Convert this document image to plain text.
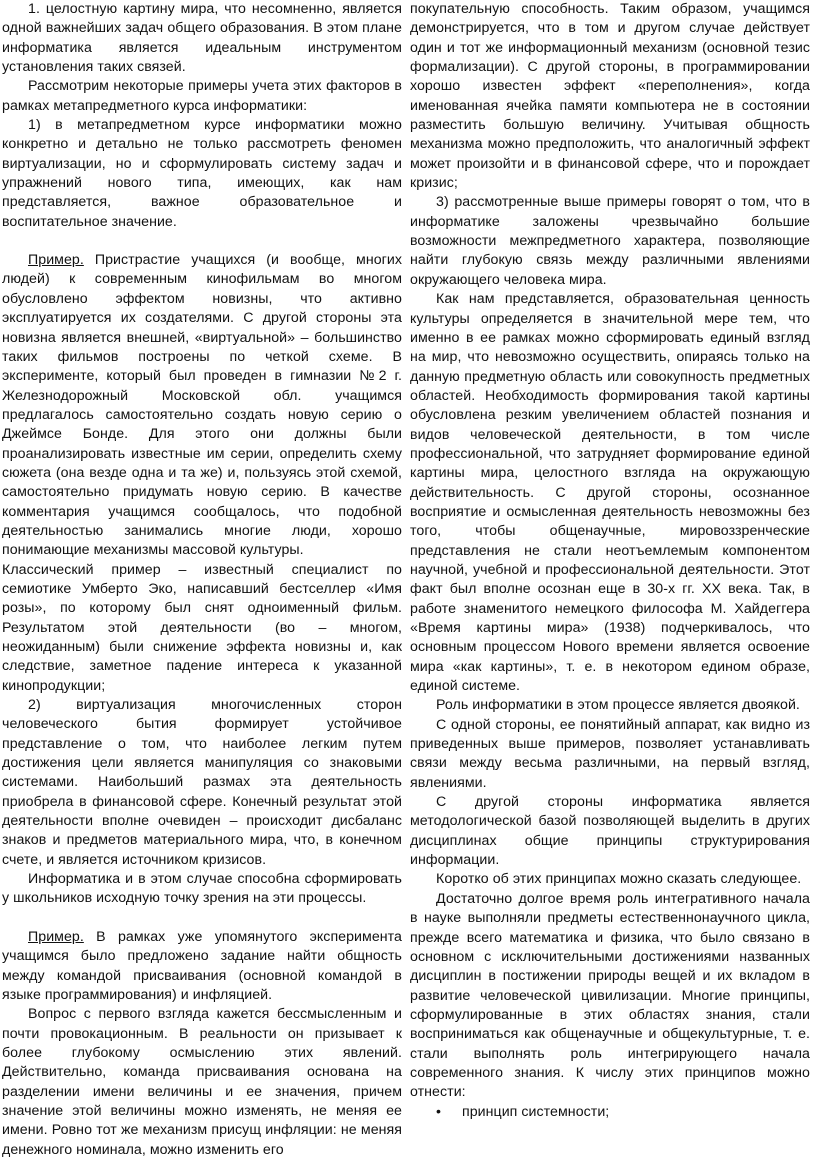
1. целостную картину мира, что несомненно, является одной важнейших задач общего образования. В этом плане информатика является идеальным инструментом установления таких связей.

Рассмотрим некоторые примеры учета этих факторов в рамках метапредметного курса информатики:

1) в метапредметном курсе информатики можно конкретно и детально не только рассмотреть феномен виртуализации, но и сформулировать систему задач и упражнений нового типа, имеющих, как нам представляется, важное образовательное и воспитательное значение.

Пример. Пристрастие учащихся (и вообще, многих людей) к современным кинофильмам во многом обусловлено эффектом новизны, что активно эксплуатируется их создателями. С другой стороны эта новизна является внешней, «виртуальной» – большинство таких фильмов построены по четкой схеме. В эксперименте, который был проведен в гимназии №2 г. Железнодорожный Московской обл. учащимся предлагалось самостоятельно создать новую серию о Джеймсе Бонде. Для этого они должны были проанализировать известные им серии, определить схему сюжета (она везде одна и та же) и, пользуясь этой схемой, самостоятельно придумать новую серию. В качестве комментария учащимся сообщалось, что подобной деятельностью занимались многие люди, хорошо понимающие механизмы массовой культуры.

Классический пример – известный специалист по семиотике Умберто Эко, написавший бестселлер «Имя розы», по которому был снят одноименный фильм. Результатом этой деятельности (во – многом, неожиданным) были снижение эффекта новизны и, как следствие, заметное падение интереса к указанной кинопродукции;

2) виртуализация многочисленных сторон человеческого бытия формирует устойчивое представление о том, что наиболее легким путем достижения цели является манипуляция со знаковыми системами. Наибольший размах эта деятельность приобрела в финансовой сфере. Конечный результат этой деятельности вполне очевиден – происходит дисбаланс знаков и предметов материального мира, что, в конечном счете, и является источником кризисов.

Информатика и в этом случае способна сформировать у школьников исходную точку зрения на эти процессы.

Пример. В рамках уже упомянутого эксперимента учащимся было предложено задание найти общность между командой присваивания (основной командой в языке программирования) и инфляцией.

Вопрос с первого взгляда кажется бессмысленным и почти провокационным. В реальности он призывает к более глубокому осмыслению этих явлений. Действительно, команда присваивания основана на разделении имени величины и ее значения, причем значение этой величины можно изменять, не меняя ее имени. Ровно тот же механизм присущ инфляции: не меняя денежного номинала, можно изменить его

покупательную способность. Таким образом, учащимся демонстрируется, что в том и другом случае действует один и тот же информационный механизм (основной тезис формализации). С другой стороны, в программировании хорошо известен эффект «переполнения», когда именованная ячейка памяти компьютера не в состоянии разместить большую величину. Учитывая общность механизма можно предположить, что аналогичный эффект может произойти и в финансовой сфере, что и порождает кризис;

3) рассмотренные выше примеры говорят о том, что в информатике заложены чрезвычайно большие возможности межпредметного характера, позволяющие найти глубокую связь между различными явлениями окружающего человека мира.

Как нам представляется, образовательная ценность культуры определяется в значительной мере тем, что именно в ее рамках можно сформировать единый взгляд на мир, что невозможно осуществить, опираясь только на данную предметную область или совокупность предметных областей. Необходимость формирования такой картины обусловлена резким увеличением областей познания и видов человеческой деятельности, в том числе профессиональной, что затрудняет формирование единой картины мира, целостного взгляда на окружающую действительность. С другой стороны, осознанное восприятие и осмысленная деятельность невозможны без того, чтобы общенаучные, мировоззренческие представления не стали неотъемлемым компонентом научной, учебной и профессиональной деятельности. Этот факт был вполне осознан еще в 30-х гг. XX века. Так, в работе знаменитого немецкого философа М. Хайдеггера «Время картины мира» (1938) подчеркивалось, что основным процессом Нового времени является освоение мира «как картины», т. е. в некотором едином образе, единой системе.

Роль информатики в этом процессе является двоякой.

С одной стороны, ее понятийный аппарат, как видно из приведенных выше примеров, позволяет устанавливать связи между весьма различными, на первый взгляд, явлениями.

С другой стороны информатика является методологической базой позволяющей выделить в других дисциплинах общие принципы структурирования информации.

Коротко об этих принципах можно сказать следующее.

Достаточно долгое время роль интегративного начала в науке выполняли предметы естественнонаучного цикла, прежде всего математика и физика, что было связано в основном с исключительными достижениями названных дисциплин в постижении природы вещей и их вкладом в развитие человеческой цивилизации. Многие принципы, сформулированные в этих областях знания, стали восприниматься как общенаучные и общекультурные, т. е. стали выполнять роль интегрирующего начала современного знания. К числу этих принципов можно отнести:

•	принцип системности;
